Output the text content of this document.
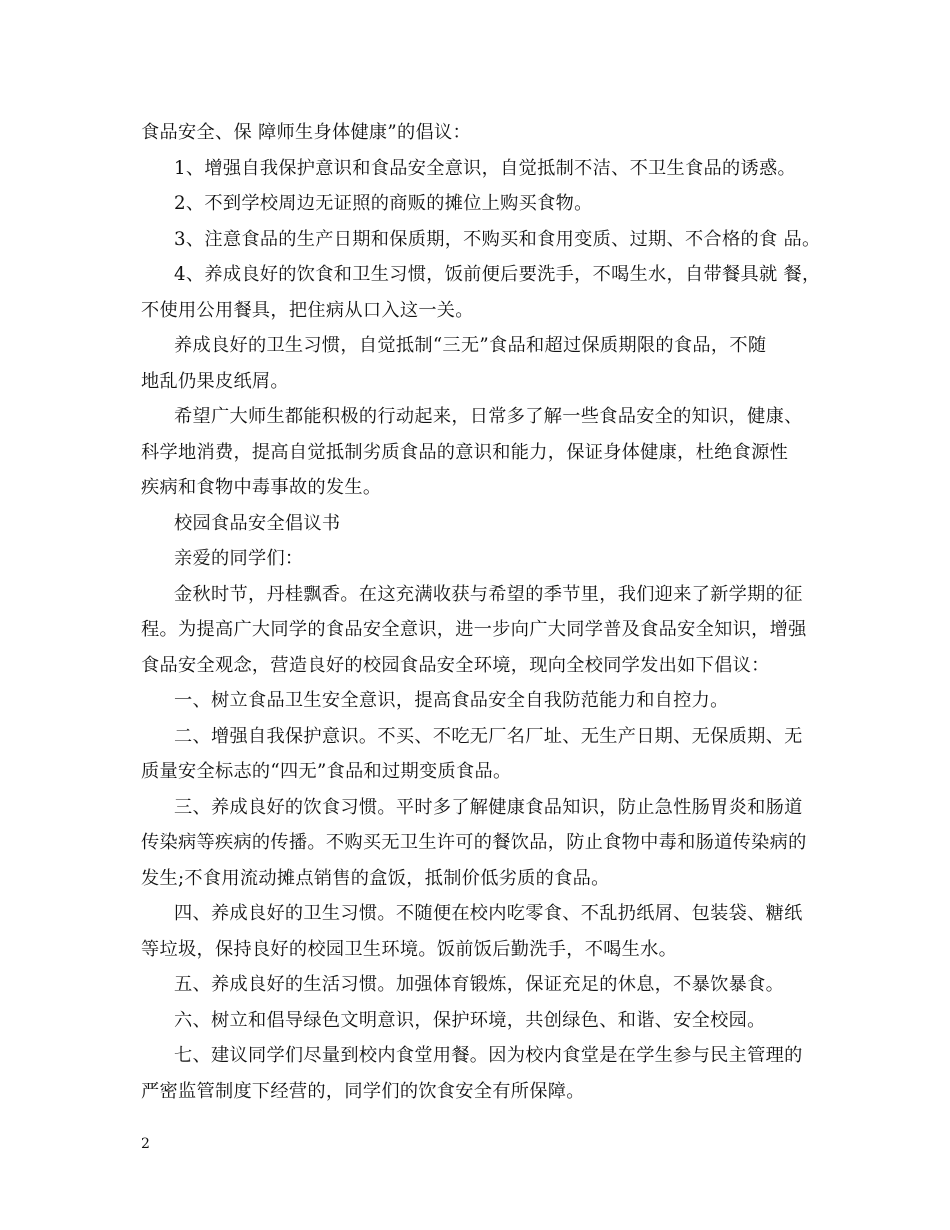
食品安全、保 障师生身体健康”的倡议：
1、增强自我保护意识和食品安全意识，自觉抵制不洁、不卫生食品的诱惑。
2、不到学校周边无证照的商贩的摊位上购买食物。
3、注意食品的生产日期和保质期，不购买和食用变质、过期、不合格的食 品。
4、养成良好的饮食和卫生习惯，饭前便后要洗手，不喝生水，自带餐具就 餐，
不使用公用餐具，把住病从口入这一关。
养成良好的卫生习惯，自觉抵制“三无”食品和超过保质期限的食品，不随
地乱仍果皮纸屑。
希望广大师生都能积极的行动起来，日常多了解一些食品安全的知识，健康、
科学地消费，提高自觉抵制劣质食品的意识和能力，保证身体健康，杜绝食源性
疾病和食物中毒事故的发生。
校园食品安全倡议书
亲爱的同学们：
金秋时节，丹桂飘香。在这充满收获与希望的季节里，我们迎来了新学期的征
程。为提高广大同学的食品安全意识，进一步向广大同学普及食品安全知识，增强
食品安全观念，营造良好的校园食品安全环境，现向全校同学发出如下倡议：
一、树立食品卫生安全意识，提高食品安全自我防范能力和自控力。
二、增强自我保护意识。不买、不吃无厂名厂址、无生产日期、无保质期、无
质量安全标志的“四无”食品和过期变质食品。
三、养成良好的饮食习惯。平时多了解健康食品知识，防止急性肠胃炎和肠道
传染病等疾病的传播。不购买无卫生许可的餐饮品，防止食物中毒和肠道传染病的
发生;不食用流动摊点销售的盒饭，抵制价低劣质的食品。
四、养成良好的卫生习惯。不随便在校内吃零食、不乱扔纸屑、包装袋、糖纸
等垃圾，保持良好的校园卫生环境。饭前饭后勤洗手，不喝生水。
五、养成良好的生活习惯。加强体育锻炼，保证充足的休息，不暴饮暴食。
六、树立和倡导绿色文明意识，保护环境，共创绿色、和谐、安全校园。
七、建议同学们尽量到校内食堂用餐。因为校内食堂是在学生参与民主管理的
严密监管制度下经营的，同学们的饮食安全有所保障。
2
